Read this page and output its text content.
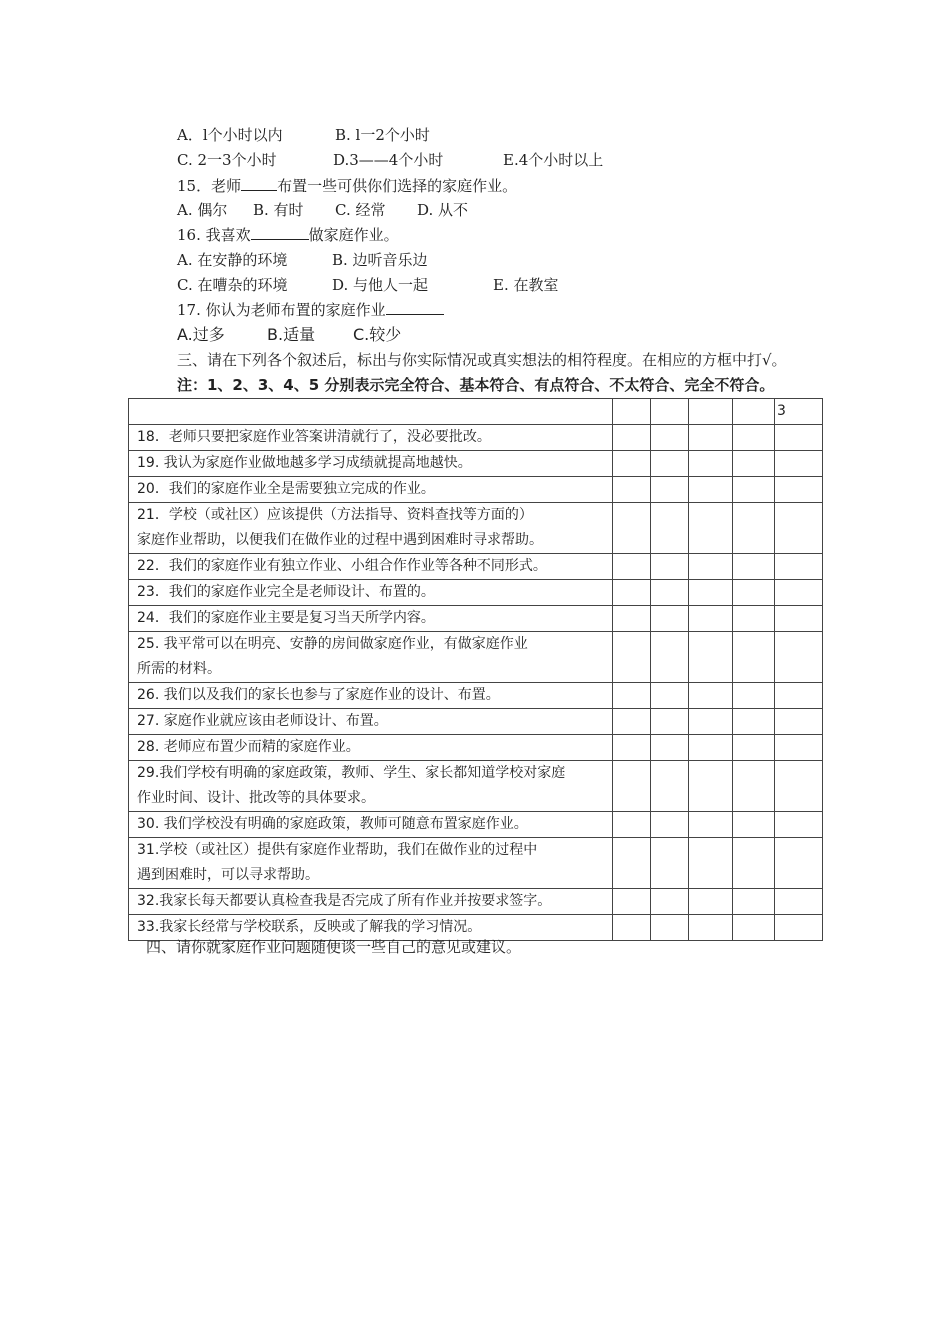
A．l个小时以内	B. l一2个小时
C. 2一3个小时	D.3——4个小时	E.4个小时以上
15．老师 布置一些可供你们选择的家庭作业。
A. 偶尔 B. 有时 C. 经常 D. 从不
16. 我喜欢	做家庭作业。
A. 在安静的环境	B. 边听音乐边
C. 在嘈杂的环境	D. 与他人一起	E. 在教室
17. 你认为老师布置的家庭作业
A.过多	B.适量 C.较少
三、请在下列各个叙述后，标出与你实际情况或真实想法的相符程度。在相应的方框中打√。
注：1、2、3、4、5 分别表示完全符合、基本符合、有点符合、不太符合、完全不符合。
					3

18．老师只要把家庭作业答案讲清就行了，没必要批改。					

19. 我认为家庭作业做地越多学习成绩就提高地越快。					

20．我们的家庭作业全是需要独立完成的作业。					

21．学校（或社区）应该提供（方法指导、资料查找等方面的）
家庭作业帮助，以便我们在做作业的过程中遇到困难时寻求帮助。					

22．我们的家庭作业有独立作业、小组合作作业等各种不同形式。					

23．我们的家庭作业完全是老师设计、布置的。					

24．我们的家庭作业主要是复习当天所学内容。					

25. 我平常可以在明亮、安静的房间做家庭作业，有做家庭作业
所需的材料。					

26. 我们以及我们的家长也参与了家庭作业的设计、布置。					

27. 家庭作业就应该由老师设计、布置。					

28. 老师应布置少而精的家庭作业。					

29.我们学校有明确的家庭政策，教师、学生、家长都知道学校对家庭
作业时间、设计、批改等的具体要求。					

30. 我们学校没有明确的家庭政策，教师可随意布置家庭作业。					

31.学校（或社区）提供有家庭作业帮助，我们在做作业的过程中
遇到困难时，可以寻求帮助。					

32.我家长每天都要认真检查我是否完成了所有作业并按要求签字。					

33.我家长经常与学校联系，反映或了解我的学习情况。					

四、请你就家庭作业问题随便谈一些自己的意见或建议。
